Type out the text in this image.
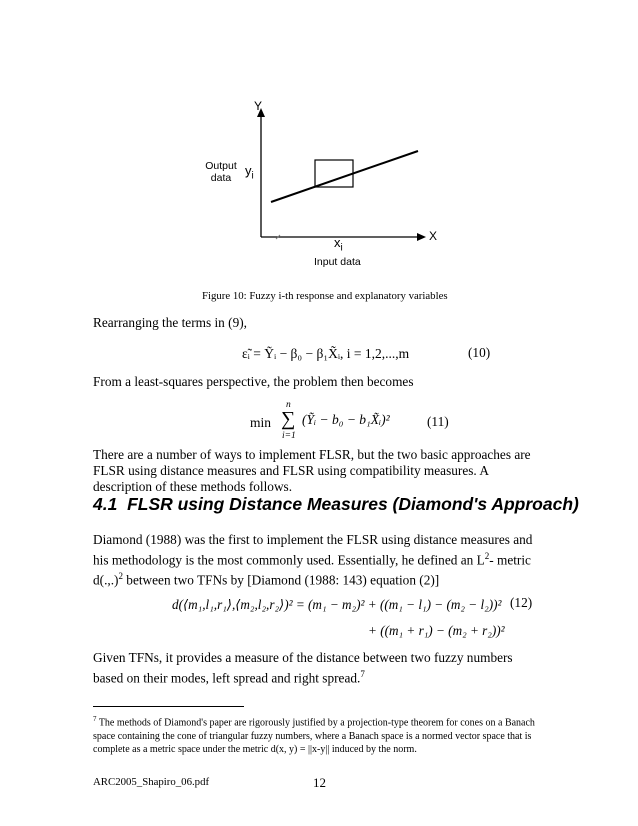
Y
X
$y_i$
$x_i$
Output
data
Input data
Figure 10: Fuzzy i-th response and explanatory variables
Rearranging the terms in (9),
ε̃ᵢ = Ỹᵢ − β₀ − β₁X̃ᵢ, i = 1,2,...,m	(10)
From a least-squares perspective, the problem then becomes
min
n
∑
i=1
(Ỹᵢ − b₀ − b₁X̃ᵢ)²	(11)
There are a number of ways to implement FLSR, but the two basic approaches are FLSR using distance measures and FLSR using compatibility measures. A description of these methods follows.
4.1 FLSR using Distance Measures (Diamond's Approach)
Diamond (1988) was the first to implement the FLSR using distance measures and his methodology is the most commonly used. Essentially, he defined an $L^2-$ metric d(.,.)$^2$ between two TFNs by [Diamond (1988: 143) equation (2)]
d(⟨m₁,l₁,r₁⟩,⟨m₂,l₂,r₂⟩)² = (m₁ − m₂)² + ((m₁ − l₁) − (m₂ − l₂))²
+ ((m₁ + r₁) − (m₂ + r₂))²
(12)
Given TFNs, it provides a measure of the distance between two fuzzy numbers based on their modes, left spread and right spread.$^7$
$^7$ The methods of Diamond's paper are rigorously justified by a projection-type theorem for cones on a Banach space containing the cone of triangular fuzzy numbers, where a Banach space is a normed vector space that is complete as a metric space under the metric d(x, y) = ||x-y|| induced by the norm.
ARC2005_Shapiro_06.pdf	12
